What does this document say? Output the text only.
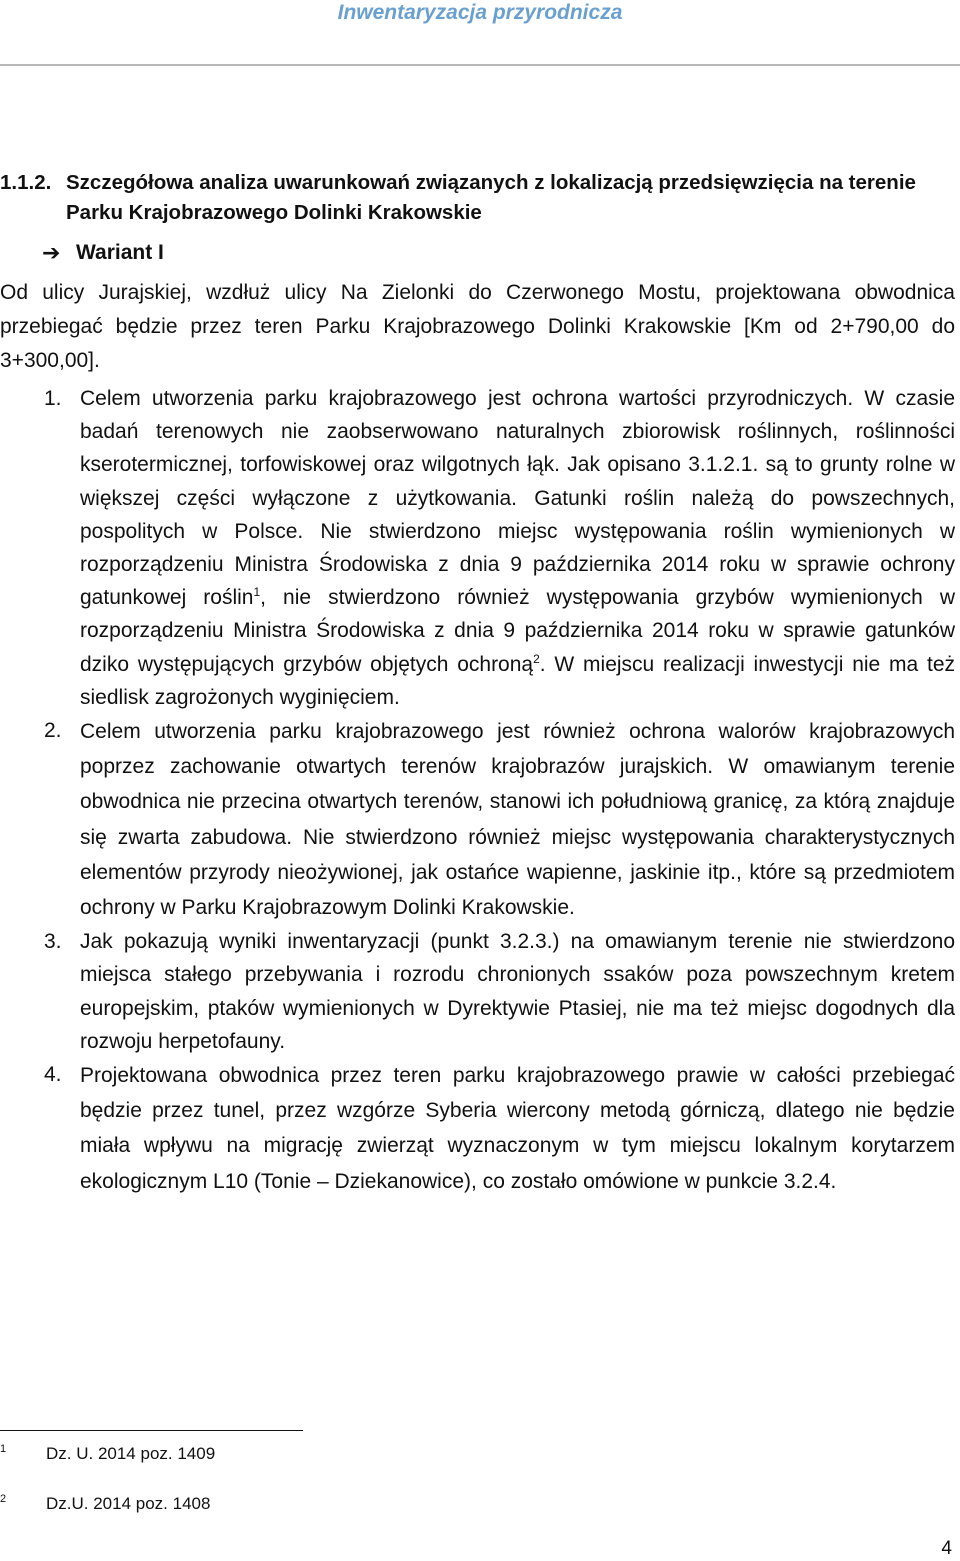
Inwentaryzacja przyrodnicza
1.1.2. Szczegółowa analiza uwarunkowań związanych z lokalizacją przedsięwzięcia na terenie Parku Krajobrazowego Dolinki Krakowskie
➔ Wariant I

Od ulicy Jurajskiej, wzdłuż ulicy Na Zielonki do Czerwonego Mostu, projektowana obwodnica przebiegać będzie przez teren Parku Krajobrazowego Dolinki Krakowskie [Km od 2+790,00 do 3+300,00].

1. Celem utworzenia parku krajobrazowego jest ochrona wartości przyrodniczych. W czasie badań terenowych nie zaobserwowano naturalnych zbiorowisk roślinnych, roślinności kserotermicznej, torfowiskowej oraz wilgotnych łąk. Jak opisano 3.1.2.1. są to grunty rolne w większej części wyłączone z użytkowania. Gatunki roślin należą do powszechnych, pospolitych w Polsce. Nie stwierdzono miejsc występowania roślin wymienionych w rozporządzeniu Ministra Środowiska z dnia 9 października 2014 roku w sprawie ochrony gatunkowej roślin$^1$, nie stwierdzono również występowania grzybów wymienionych w rozporządzeniu Ministra Środowiska z dnia 9 października 2014 roku w sprawie gatunków dziko występujących grzybów objętych ochroną$^2$. W miejscu realizacji inwestycji nie ma też siedlisk zagrożonych wyginięciem.
2. Celem utworzenia parku krajobrazowego jest również ochrona walorów krajobrazowych poprzez zachowanie otwartych terenów krajobrazów jurajskich. W omawianym terenie obwodnica nie przecina otwartych terenów, stanowi ich południową granicę, za którą znajduje się zwarta zabudowa. Nie stwierdzono również miejsc występowania charakterystycznych elementów przyrody nieożywionej, jak ostańce wapienne, jaskinie itp., które są przedmiotem ochrony w Parku Krajobrazowym Dolinki Krakowskie.
3. Jak pokazują wyniki inwentaryzacji (punkt 3.2.3.) na omawianym terenie nie stwierdzono miejsca stałego przebywania i rozrodu chronionych ssaków poza powszechnym kretem europejskim, ptaków wymienionych w Dyrektywie Ptasiej, nie ma też miejsc dogodnych dla rozwoju herpetofauny.
4. Projektowana obwodnica przez teren parku krajobrazowego prawie w całości przebiegać będzie przez tunel, przez wzgórze Syberia wiercony metodą górniczą, dlatego nie będzie miała wpływu na migrację zwierząt wyznaczonym w tym miejscu lokalnym korytarzem ekologicznym L10 (Tonie – Dziekanowice), co zostało omówione w punkcie 3.2.4.
$^1$ Dz. U. 2014 poz. 1409
$^2$ Dz.U. 2014 poz. 1408
4
